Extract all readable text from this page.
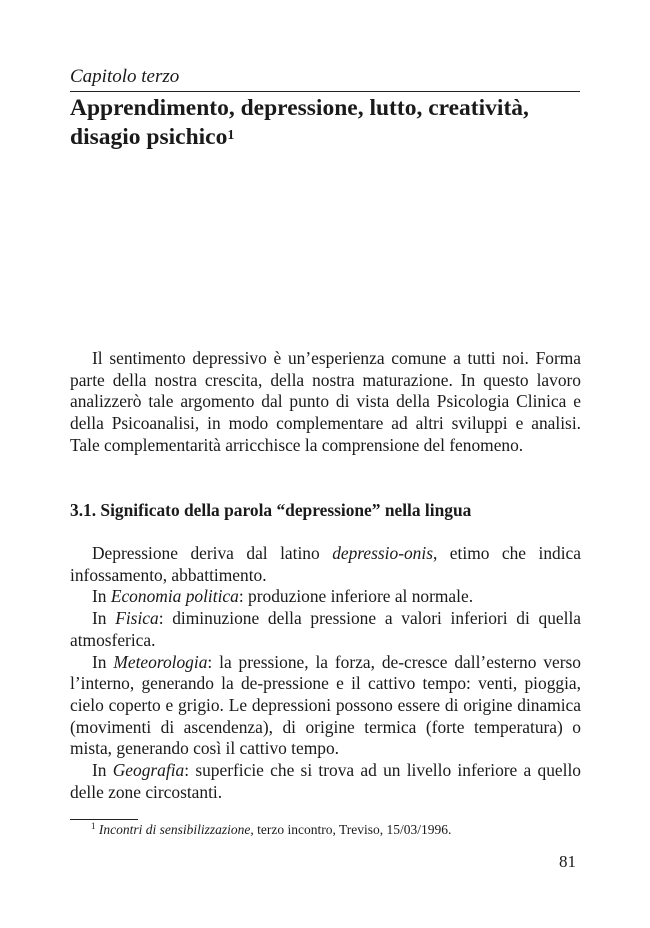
Capitolo terzo
Apprendimento, depressione, lutto, creatività,
disagio psichico$^1$

Il sentimento depressivo è un’esperienza comune a tutti noi. Forma parte della nostra crescita, della nostra maturazione. In questo lavoro analizzerò tale argomento dal punto di vista della Psicologia Clinica e della Psicoanalisi, in modo complementare ad altri sviluppi e analisi. Tale complementarità arricchisce la comprensione del fenomeno.

3.1. Significato della parola “depressione” nella lingua

Depressione deriva dal latino depressio-onis, etimo che indica infossamento, abbattimento.

In Economia politica: produzione inferiore al normale.

In Fisica: diminuzione della pressione a valori inferiori di quella atmosferica.

In Meteorologia: la pressione, la forza, de-cresce dall’esterno verso l’interno, generando la de-pressione e il cattivo tempo: venti, pioggia, cielo coperto e grigio. Le depressioni possono essere di origine dinamica (movimenti di ascendenza), di origine termica (forte temperatura) o mista, generando così il cattivo tempo.

In Geografia: superficie che si trova ad un livello inferiore a quello delle zone circostanti.

$^1$ Incontri di sensibilizzazione, terzo incontro, Treviso, 15/03/1996.
81
